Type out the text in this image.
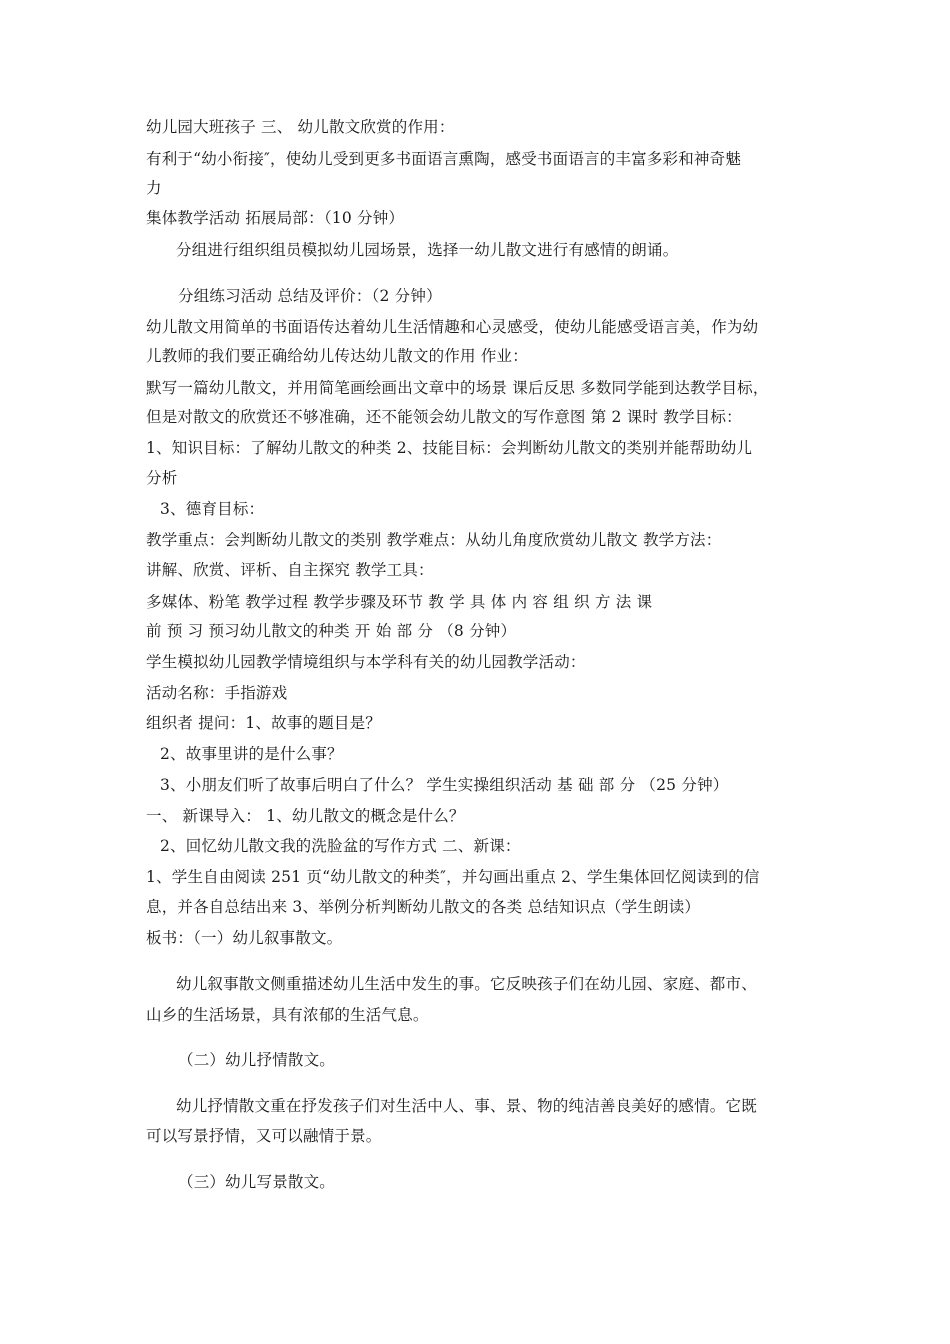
幼儿园大班孩子 三、 幼儿散文欣赏的作用：
有利于“幼小衔接″，使幼儿受到更多书面语言熏陶，感受书面语言的丰富多彩和神奇魅
力
集体教学活动 拓展局部：（10 分钟）
分组进行组织组员模拟幼儿园场景，选择一幼儿散文进行有感情的朗诵。
分组练习活动 总结及评价：（2 分钟）
幼儿散文用简单的书面语传达着幼儿生活情趣和心灵感受，使幼儿能感受语言美，作为幼
儿教师的我们要正确给幼儿传达幼儿散文的作用 作业：
默写一篇幼儿散文，并用简笔画绘画出文章中的场景 课后反思 多数同学能到达教学目标，
但是对散文的欣赏还不够准确，还不能领会幼儿散文的写作意图 第 2 课时 教学目标：
1、知识目标：了解幼儿散文的种类 2、技能目标：会判断幼儿散文的类别并能帮助幼儿
分析
3、德育目标：
教学重点：会判断幼儿散文的类别 教学难点：从幼儿角度欣赏幼儿散文 教学方法：
讲解、欣赏、评析、自主探究 教学工具：
多媒体、粉笔 教学过程 教学步骤及环节 教 学 具 体 内 容 组 织 方 法 课
前 预 习 预习幼儿散文的种类 开 始 部 分 （8 分钟）
学生模拟幼儿园教学情境组织与本学科有关的幼儿园教学活动：
活动名称：手指游戏
组织者 提问：1、故事的题目是？
2、故事里讲的是什么事？
3、小朋友们听了故事后明白了什么？ 学生实操组织活动 基 础 部 分 （25 分钟）
一、 新课导入： 1、幼儿散文的概念是什么？
2、回忆幼儿散文我的洗脸盆的写作方式 二、新课：
1、学生自由阅读 251 页“幼儿散文的种类″，并勾画出重点 2、学生集体回忆阅读到的信
息，并各自总结出来 3、举例分析判断幼儿散文的各类 总结知识点（学生朗读）
板书：（一）幼儿叙事散文。
幼儿叙事散文侧重描述幼儿生活中发生的事。它反映孩子们在幼儿园、家庭、都市、
山乡的生活场景，具有浓郁的生活气息。
（二）幼儿抒情散文。
幼儿抒情散文重在抒发孩子们对生活中人、事、景、物的纯洁善良美好的感情。它既
可以写景抒情，又可以融情于景。
（三）幼儿写景散文。
